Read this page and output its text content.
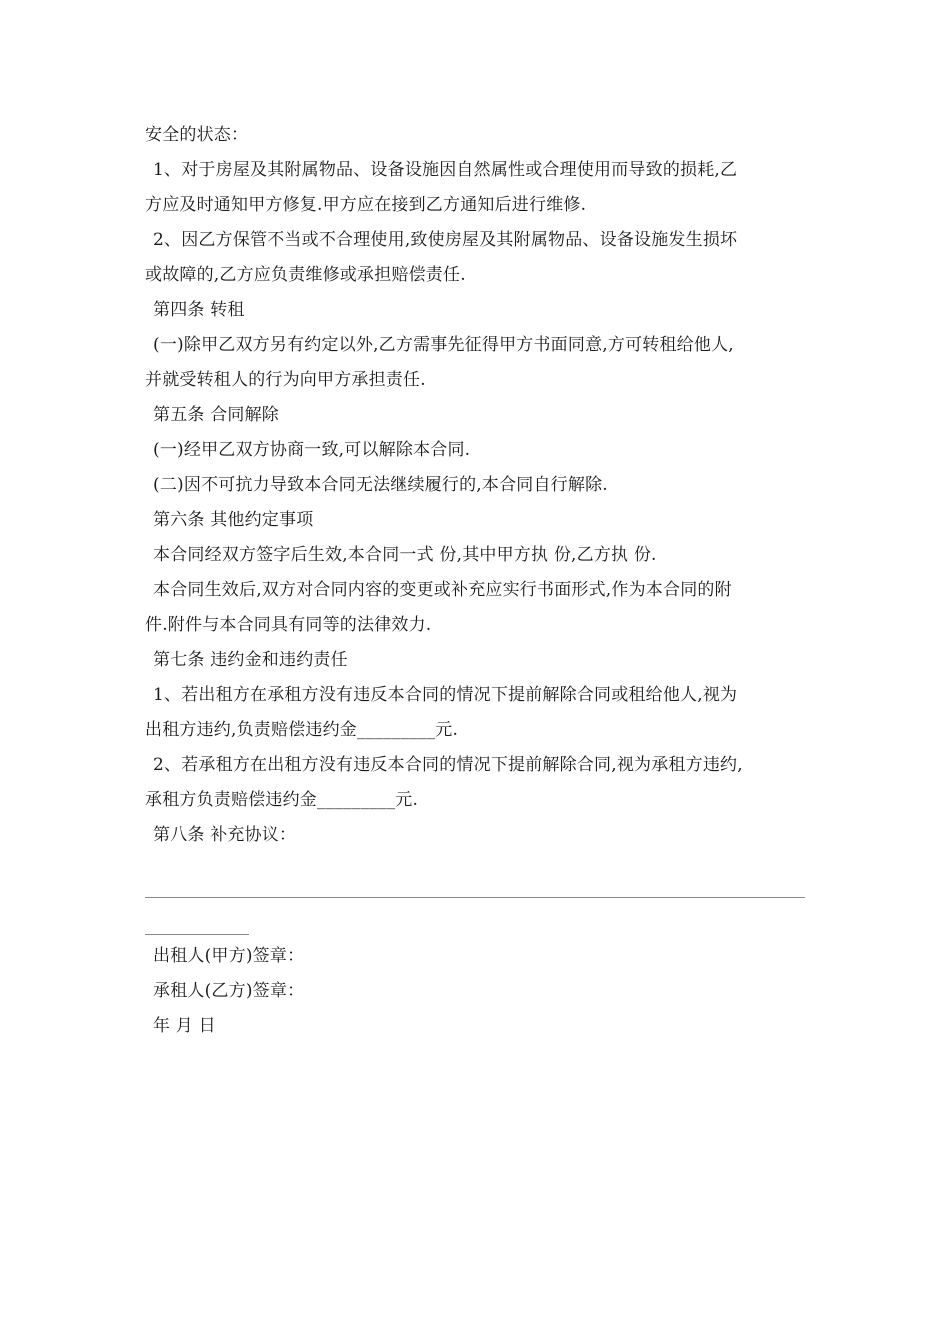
安全的状态：
1、对于房屋及其附属物品、设备设施因自然属性或合理使用而导致的损耗,乙
方应及时通知甲方修复.甲方应在接到乙方通知后进行维修.
2、因乙方保管不当或不合理使用,致使房屋及其附属物品、设备设施发生损坏
或故障的,乙方应负责维修或承担赔偿责任.
第四条 转租
(一)除甲乙双方另有约定以外,乙方需事先征得甲方书面同意,方可转租给他人,
并就受转租人的行为向甲方承担责任.
第五条 合同解除
(一)经甲乙双方协商一致,可以解除本合同.
(二)因不可抗力导致本合同无法继续履行的,本合同自行解除.
第六条 其他约定事项
本合同经双方签字后生效,本合同一式 份,其中甲方执 份,乙方执 份.
本合同生效后,双方对合同内容的变更或补充应实行书面形式,作为本合同的附
件.附件与本合同具有同等的法律效力.
第七条 违约金和违约责任
1、若出租方在承租方没有违反本合同的情况下提前解除合同或租给他人,视为
出租方违约,负责赔偿违约金_________元.
2、若承租方在出租方没有违反本合同的情况下提前解除合同,视为承租方违约,
承租方负责赔偿违约金_________元.
第八条 补充协议：
出租人(甲方)签章：
承租人(乙方)签章：
年 月 日
